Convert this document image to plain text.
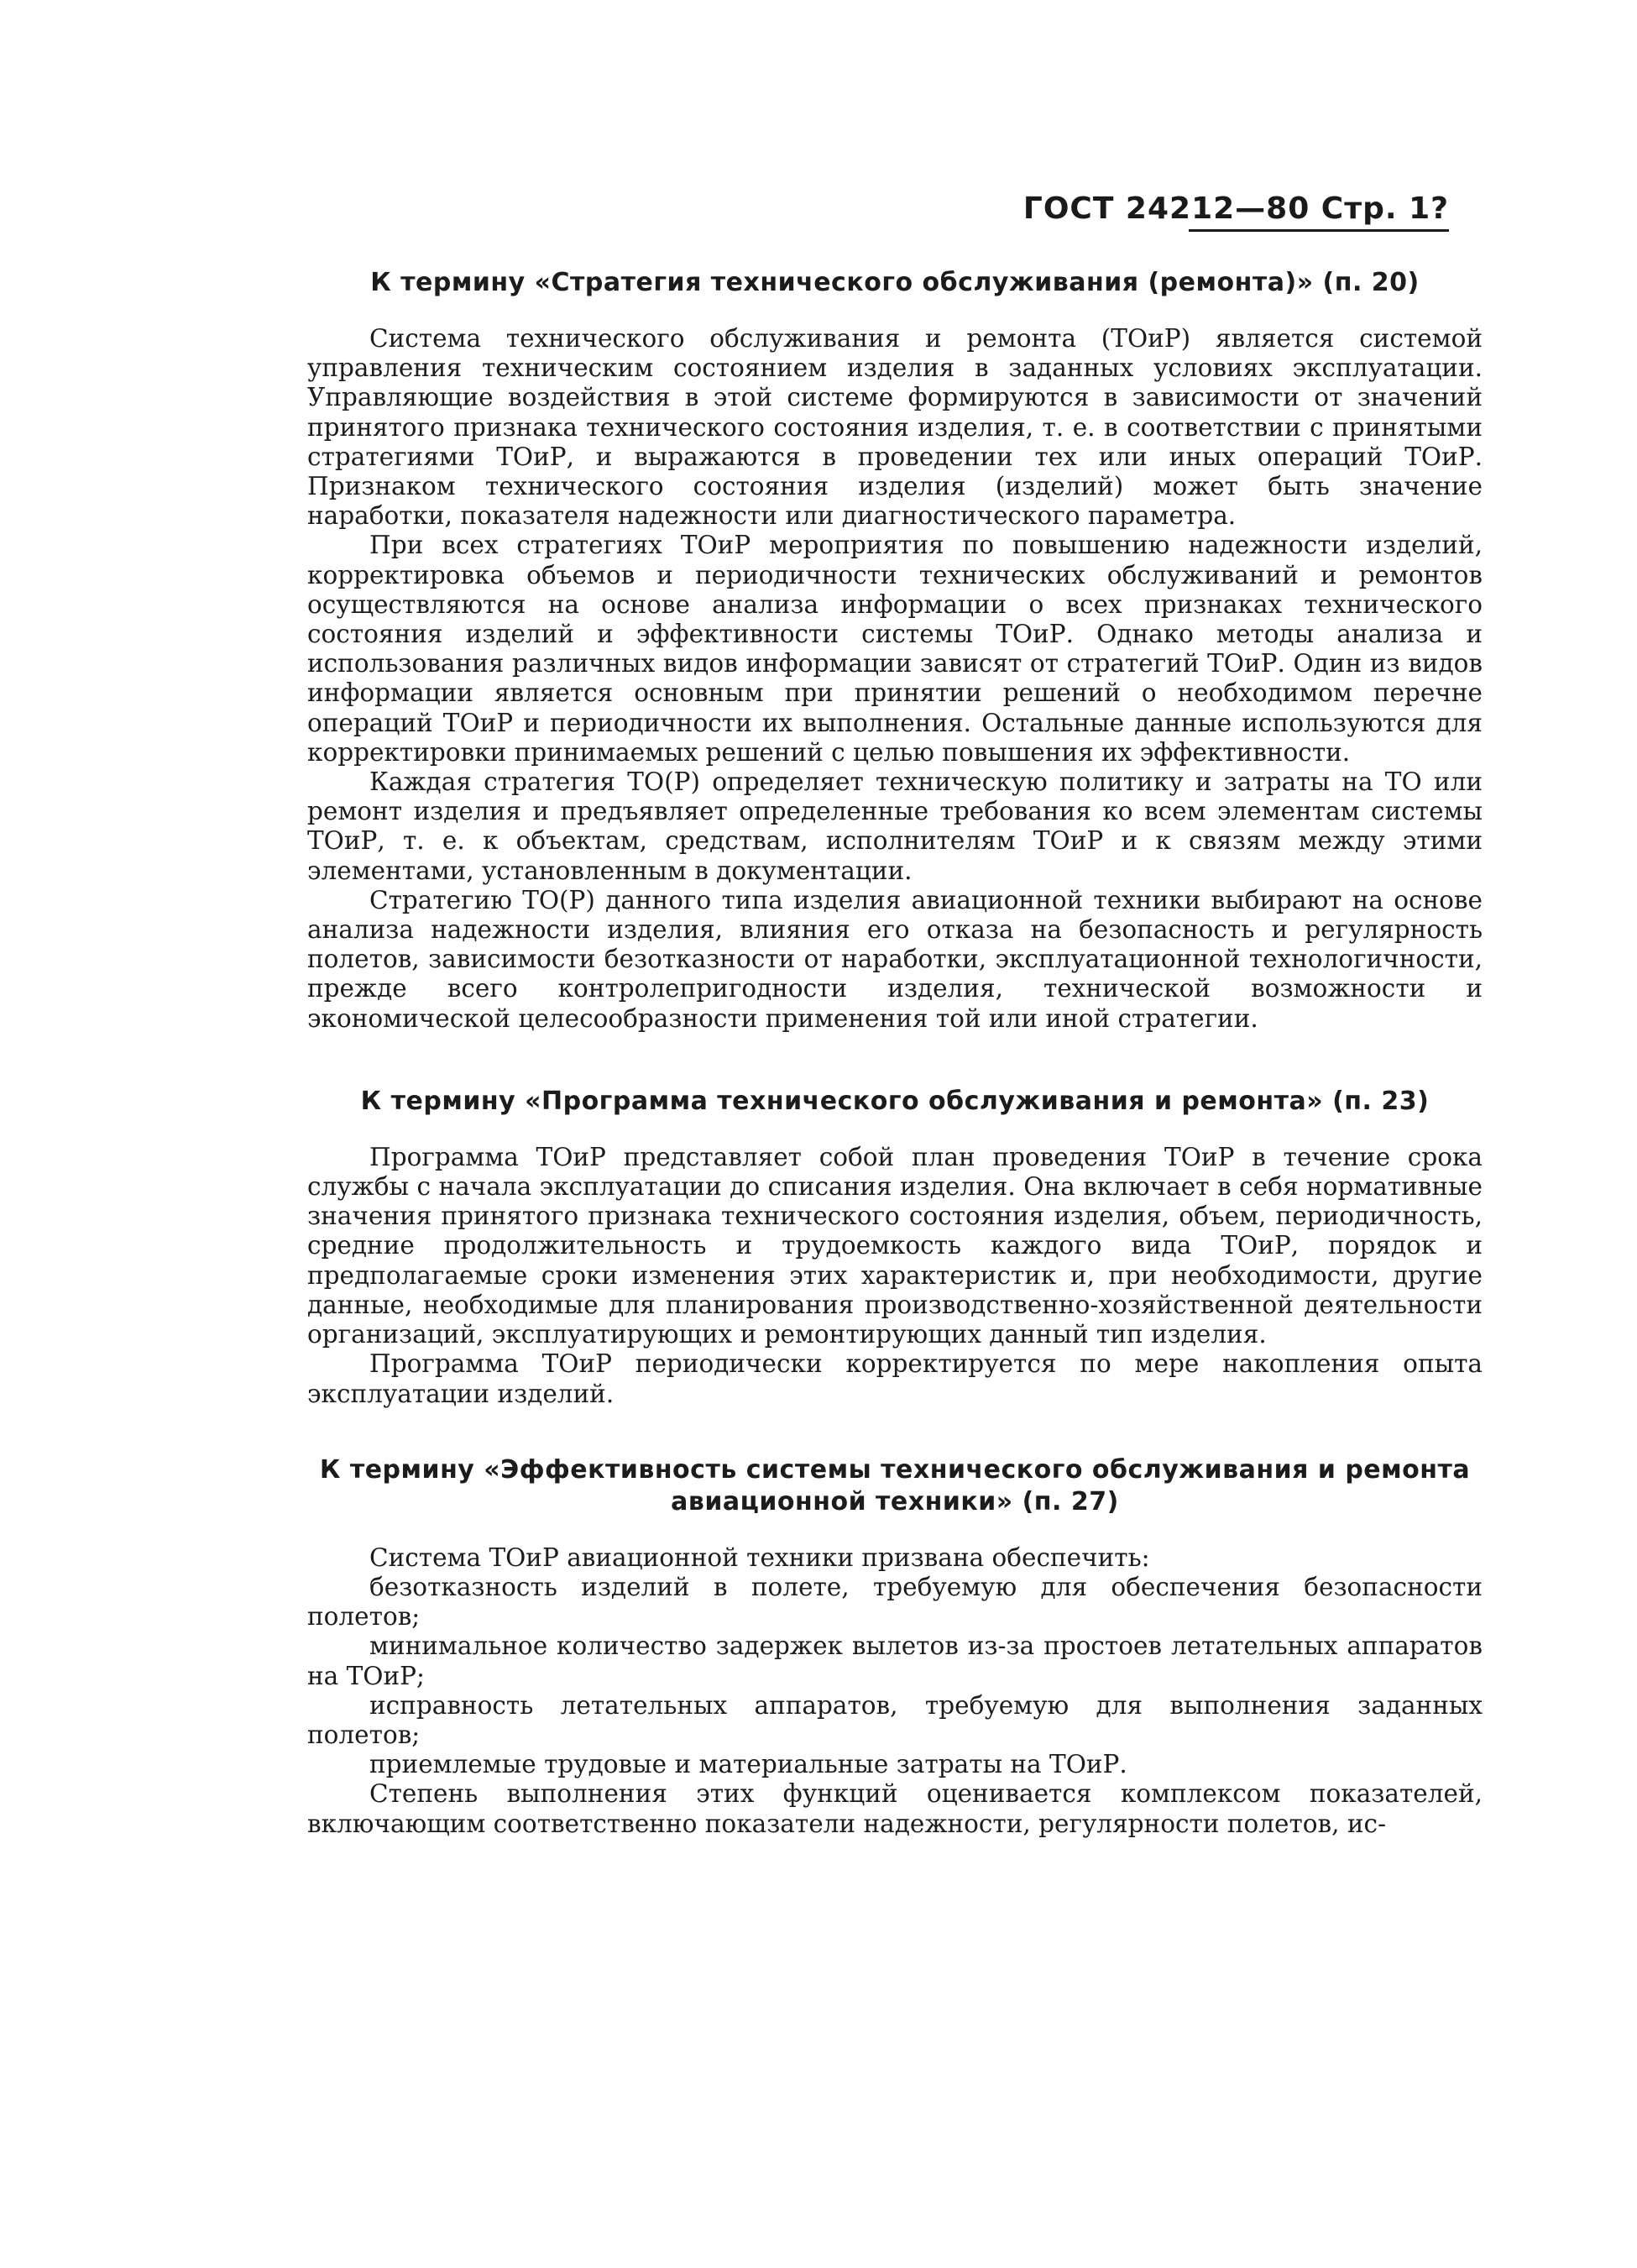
ГОСТ 24212—80 Стр. 1?
К термину «Стратегия технического обслуживания (ремонта)» (п. 20)

Система технического обслуживания и ремонта (ТОиР) является системой управления техническим состоянием изделия в заданных условиях эксплуатации. Управляющие воздействия в этой системе формируются в зависимости от значений принятого признака технического состояния изделия, т. е. в соответствии с принятыми стратегиями ТОиР, и выражаются в проведении тех или иных операций ТОиР. Признаком технического состояния изделия (изделий) может быть значение наработки, показателя надежности или диагностического параметра.

При всех стратегиях ТОиР мероприятия по повышению надежности изделий, корректировка объемов и периодичности технических обслуживаний и ремонтов осуществляются на основе анализа информации о всех признаках технического состояния изделий и эффективности системы ТОиР. Однако методы анализа и использования различных видов информации зависят от стратегий ТОиР. Один из видов информации является основным при принятии решений о необходимом перечне операций ТОиР и периодичности их выполнения. Остальные данные используются для корректировки принимаемых решений с целью повышения их эффективности.

Каждая стратегия ТО(Р) определяет техническую политику и затраты на ТО или ремонт изделия и предъявляет определенные требования ко всем элементам системы ТОиР, т. е. к объектам, средствам, исполнителям ТОиР и к связям между этими элементами, установленным в документации.

Стратегию ТО(Р) данного типа изделия авиационной техники выбирают на основе анализа надежности изделия, влияния его отказа на безопасность и регулярность полетов, зависимости безотказности от наработки, эксплуатационной технологичности, прежде всего контролепригодности изделия, технической возможности и экономической целесообразности применения той или иной стратегии.

К термину «Программа технического обслуживания и ремонта» (п. 23)

Программа ТОиР представляет собой план проведения ТОиР в течение срока службы с начала эксплуатации до списания изделия. Она включает в себя нормативные значения принятого признака технического состояния изделия, объем, периодичность, средние продолжительность и трудоемкость каждого вида ТОиР, порядок и предполагаемые сроки изменения этих характеристик и, при необходимости, другие данные, необходимые для планирования производственно-хозяйственной деятельности организаций, эксплуатирующих и ремонтирующих данный тип изделия.

Программа ТОиР периодически корректируется по мере накопления опыта эксплуатации изделий.

К термину «Эффективность системы технического обслуживания и ремонта авиационной техники» (п. 27)

Система ТОиР авиационной техники призвана обеспечить:

безотказность изделий в полете, требуемую для обеспечения безопасности полетов;

минимальное количество задержек вылетов из-за простоев летательных аппаратов на ТОиР;

исправность летательных аппаратов, требуемую для выполнения заданных полетов;

приемлемые трудовые и материальные затраты на ТОиР.

Степень выполнения этих функций оценивается комплексом показателей, включающим соответственно показатели надежности, регулярности полетов, ис-
